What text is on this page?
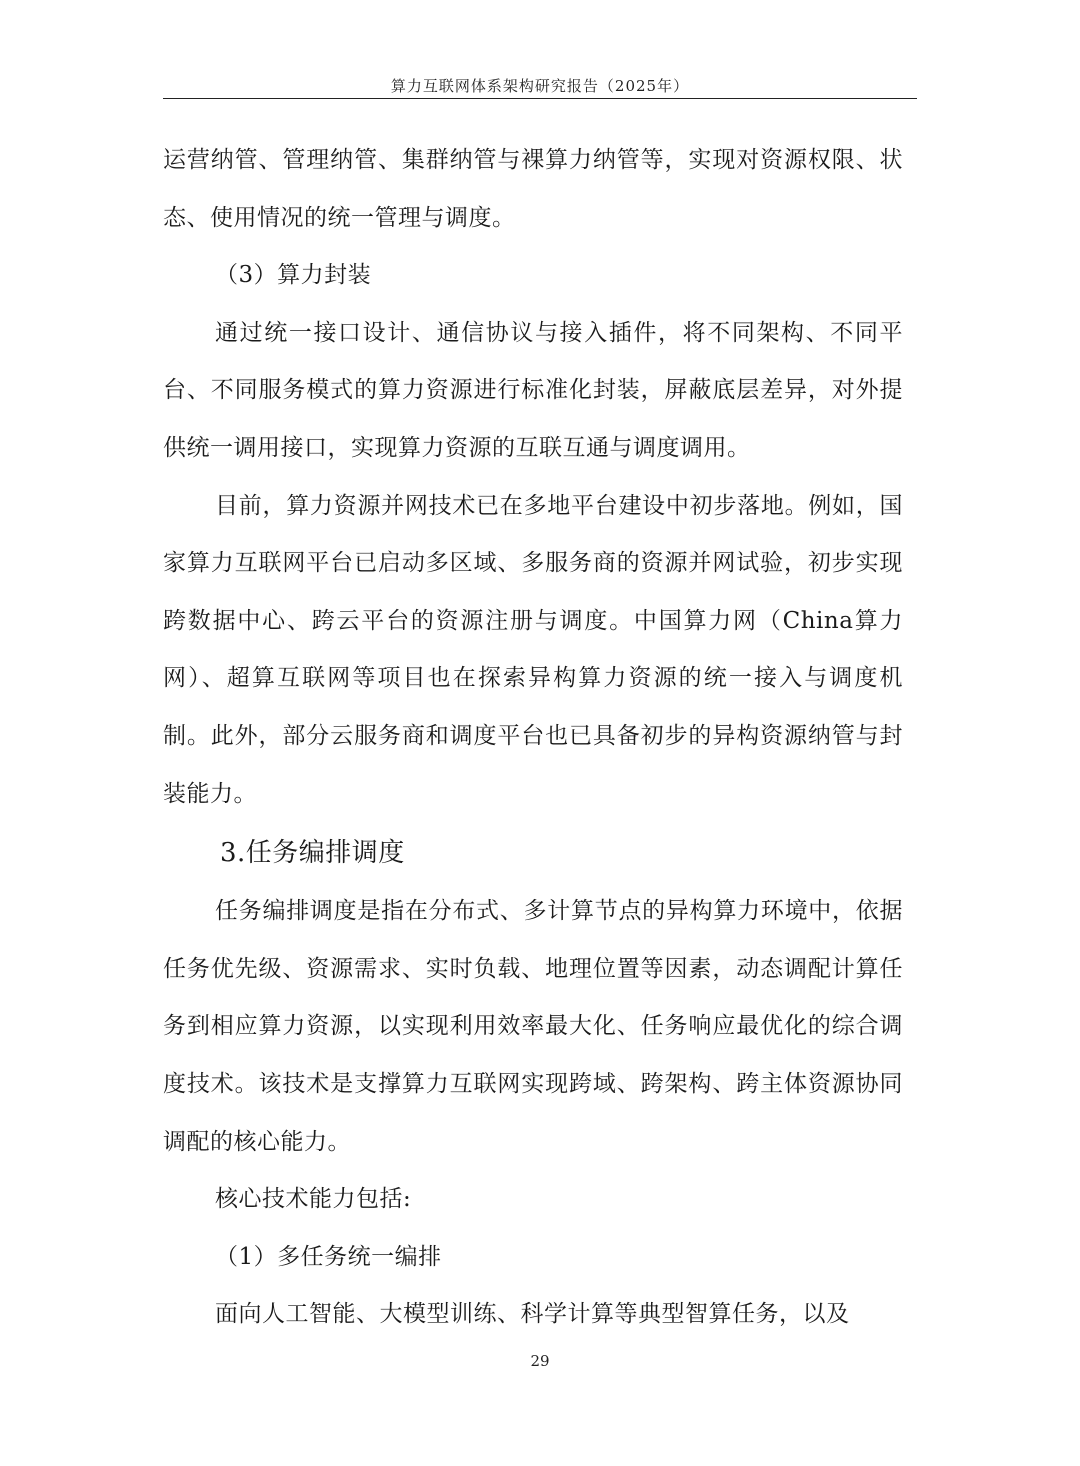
算力互联网体系架构研究报告（2025年）

运营纳管、管理纳管、集群纳管与裸算力纳管等，实现对资源权限、状态、使用情况的统一管理与调度。

（3）算力封装

通过统一接口设计、通信协议与接入插件，将不同架构、不同平台、不同服务模式的算力资源进行标准化封装，屏蔽底层差异，对外提供统一调用接口，实现算力资源的互联互通与调度调用。

目前，算力资源并网技术已在多地平台建设中初步落地。例如，国家算力互联网平台已启动多区域、多服务商的资源并网试验，初步实现跨数据中心、跨云平台的资源注册与调度。中国算力网（China算力网）、超算互联网等项目也在探索异构算力资源的统一接入与调度机制。此外，部分云服务商和调度平台也已具备初步的异构资源纳管与封装能力。

3.任务编排调度

任务编排调度是指在分布式、多计算节点的异构算力环境中，依据任务优先级、资源需求、实时负载、地理位置等因素，动态调配计算任务到相应算力资源，以实现利用效率最大化、任务响应最优化的综合调度技术。该技术是支撑算力互联网实现跨域、跨架构、跨主体资源协同调配的核心能力。

核心技术能力包括:

（1）多任务统一编排

面向人工智能、大模型训练、科学计算等典型智算任务，以及

29
